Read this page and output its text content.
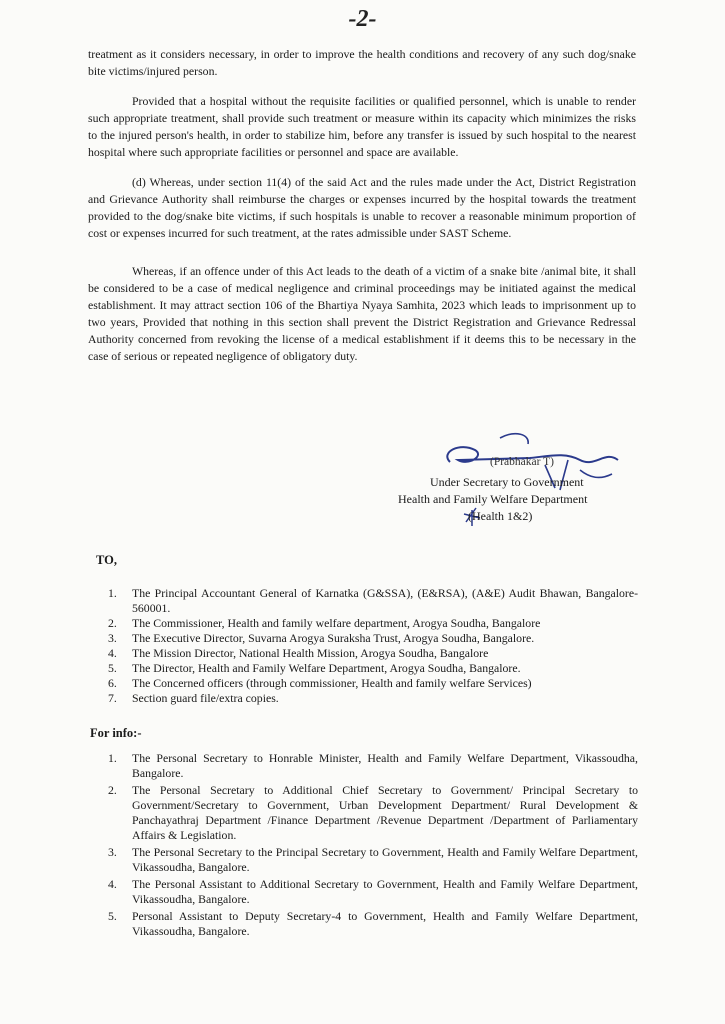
-2-

treatment as it considers necessary, in order to improve the health conditions and recovery of any such dog/snake bite victims/injured person.

Provided that a hospital without the requisite facilities or qualified personnel, which is unable to render such appropriate treatment, shall provide such treatment or measure within its capacity which minimizes the risks to the injured person's health, in order to stabilize him, before any transfer is issued by such hospital to the nearest hospital where such appropriate facilities or personnel and space are available.

(d) Whereas, under section 11(4) of the said Act and the rules made under the Act, District Registration and Grievance Authority shall reimburse the charges or expenses incurred by the hospital towards the treatment provided to the dog/snake bite victims, if such hospitals is unable to recover a reasonable minimum proportion of cost or expenses incurred for such treatment, at the rates admissible under SAST Scheme.

Whereas, if an offence under of this Act leads to the death of a victim of a snake bite /animal bite, it shall be considered to be a case of medical negligence and criminal proceedings may be initiated against the medical establishment. It may attract section 106 of the Bhartiya Nyaya Samhita, 2023 which leads to imprisonment up to two years, Provided that nothing in this section shall prevent the District Registration and Grievance Redressal Authority concerned from revoking the license of a medical establishment if it deems this to be necessary in the case of serious or repeated negligence of obligatory duty.

(Prabhakar T)
Under Secretary to Government
Health and Family Welfare Department
(Health 1&2)
TO,
1. The Principal Accountant General of Karnatka (G&SSA), (E&RSA), (A&E) Audit Bhawan, Bangalore-560001.
2. The Commissioner, Health and family welfare department, Arogya Soudha, Bangalore
3. The Executive Director, Suvarna Arogya Suraksha Trust, Arogya Soudha, Bangalore.
4. The Mission Director, National Health Mission, Arogya Soudha, Bangalore
5. The Director, Health and Family Welfare Department, Arogya Soudha, Bangalore.
6. The Concerned officers (through commissioner, Health and family welfare Services)
7. Section guard file/extra copies.
For info:-
1. The Personal Secretary to Honrable Minister, Health and Family Welfare Department, Vikassoudha, Bangalore.
2. The Personal Secretary to Additional Chief Secretary to Government/ Principal Secretary to Government/Secretary to Government, Urban Development Department/ Rural Development & Panchayathraj Department /Finance Department /Revenue Department /Department of Parliamentary Affairs & Legislation.
3. The Personal Secretary to the Principal Secretary to Government, Health and Family Welfare Department, Vikassoudha, Bangalore.
4. The Personal Assistant to Additional Secretary to Government, Health and Family Welfare Department, Vikassoudha, Bangalore.
5. Personal Assistant to Deputy Secretary-4 to Government, Health and Family Welfare Department, Vikassoudha, Bangalore.
